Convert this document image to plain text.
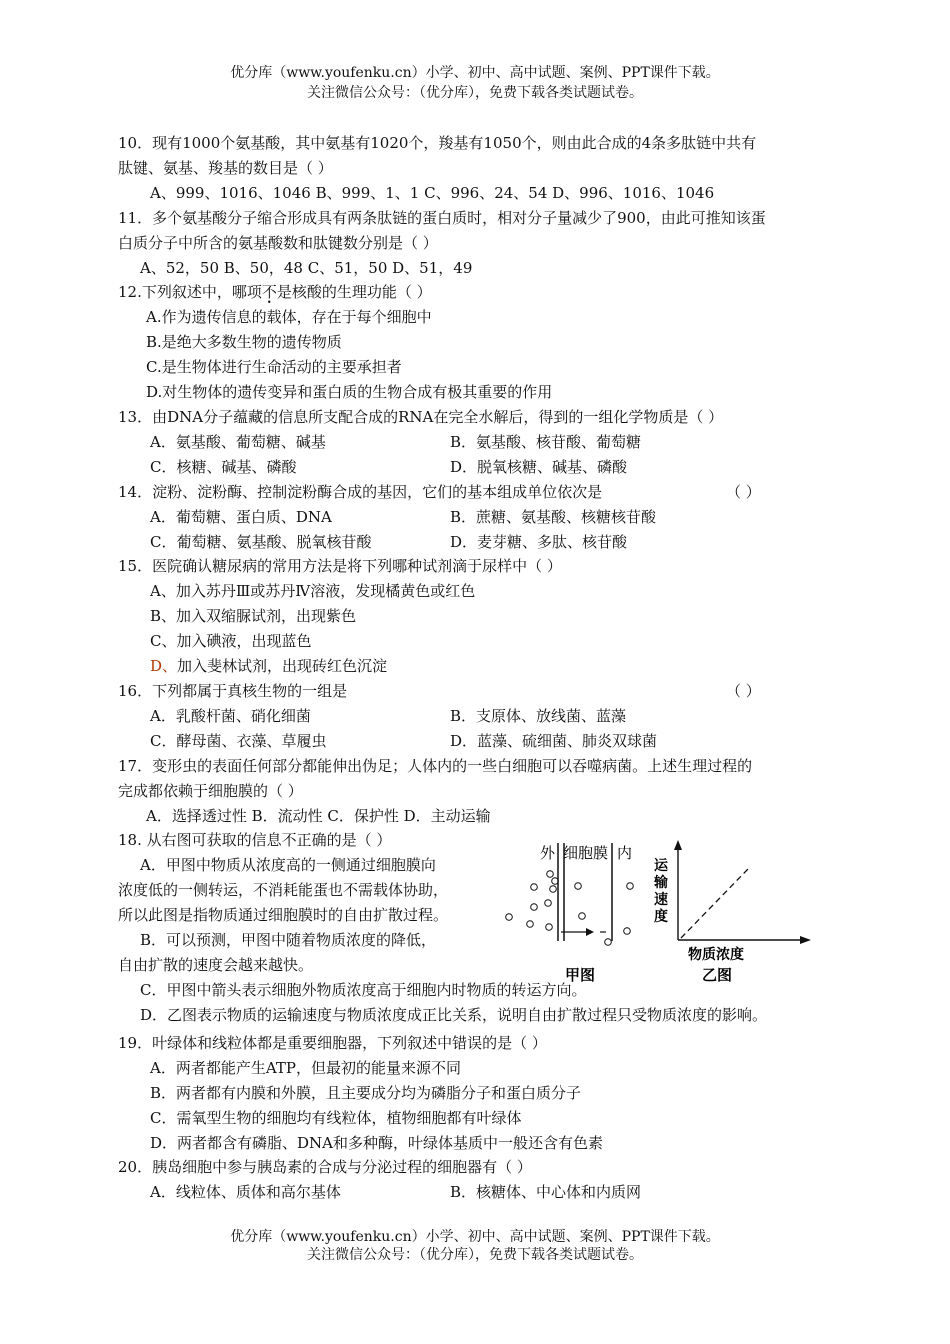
优分库（www.youfenku.cn）小学、初中、高中试题、案例、PPT课件下载。
关注微信公众号：（优分库），免费下载各类试题试卷。
10．现有1000个氨基酸，其中氨基有1020个，羧基有1050个，则由此合成的4条多肽链中共有
肽键、氨基、羧基的数目是（ ）
A、999、1016、1046 B、999、1、1 C、996、24、54 D、996、1016、1046
11．多个氨基酸分子缩合形成具有两条肽链的蛋白质时，相对分子量减少了900，由此可推知该蛋
白质分子中所含的氨基酸数和肽键数分别是（ ）
A、52，50 B、50，48 C、51，50 D、51，49
12.下列叙述中，哪项不是核酸的生理功能（ ）
A.作为遗传信息的载体，存在于每个细胞中
B.是绝大多数生物的遗传物质
C.是生物体进行生命活动的主要承担者
D.对生物体的遗传变异和蛋白质的生物合成有极其重要的作用
13．由DNA分子蕴藏的信息所支配合成的RNA在完全水解后，得到的一组化学物质是（ ）
A．氨基酸、葡萄糖、碱基	B．氨基酸、核苷酸、葡萄糖
C．核糖、碱基、磷酸	D．脱氧核糖、碱基、磷酸
14．淀粉、淀粉酶、控制淀粉酶合成的基因，它们的基本组成单位依次是	（ ）
A．葡萄糖、蛋白质、DNA	B．蔗糖、氨基酸、核糖核苷酸
C．葡萄糖、氨基酸、脱氧核苷酸	D．麦芽糖、多肽、核苷酸
15．医院确认糖尿病的常用方法是将下列哪种试剂滴于尿样中（ ）
A、加入苏丹Ⅲ或苏丹Ⅳ溶液，发现橘黄色或红色
B、加入双缩脲试剂，出现紫色
C、加入碘液，出现蓝色
D、加入斐林试剂，出现砖红色沉淀
16．下列都属于真核生物的一组是	（ ）
A．乳酸杆菌、硝化细菌	B．支原体、放线菌、蓝藻
C．酵母菌、衣藻、草履虫	D．蓝藻、硫细菌、肺炎双球菌
17．变形虫的表面任何部分都能伸出伪足；人体内的一些白细胞可以吞噬病菌。上述生理过程的
完成都依赖于细胞膜的（ ）
A．选择透过性 B．流动性 C．保护性 D．主动运输
18. 从右图可获取的信息不正确的是（ ）
A．甲图中物质从浓度高的一侧通过细胞膜向
浓度低的一侧转运，不消耗能蛋也不需载体协助，
所以此图是指物质通过细胞膜时的自由扩散过程。
B．可以预测，甲图中随着物质浓度的降低，
自由扩散的速度会越来越快。
C．甲图中箭头表示细胞外物质浓度高于细胞内时物质的转运方向。
D．乙图表示物质的运输速度与物质浓度成正比关系，说明自由扩散过程只受物质浓度的影响。
外 细胞膜 内
甲图
运
输
速
度
物质浓度
乙图
19．叶绿体和线粒体都是重要细胞器，下列叙述中错误的是（ ）
A．两者都能产生ATP，但最初的能量来源不同
B．两者都有内膜和外膜，且主要成分均为磷脂分子和蛋白质分子
C．需氧型生物的细胞均有线粒体，植物细胞都有叶绿体
D．两者都含有磷脂、DNA和多种酶，叶绿体基质中一般还含有色素
20．胰岛细胞中参与胰岛素的合成与分泌过程的细胞器有（ ）
A．线粒体、质体和高尔基体	B．核糖体、中心体和内质网
优分库（www.youfenku.cn）小学、初中、高中试题、案例、PPT课件下载。
关注微信公众号：（优分库），免费下载各类试题试卷。
